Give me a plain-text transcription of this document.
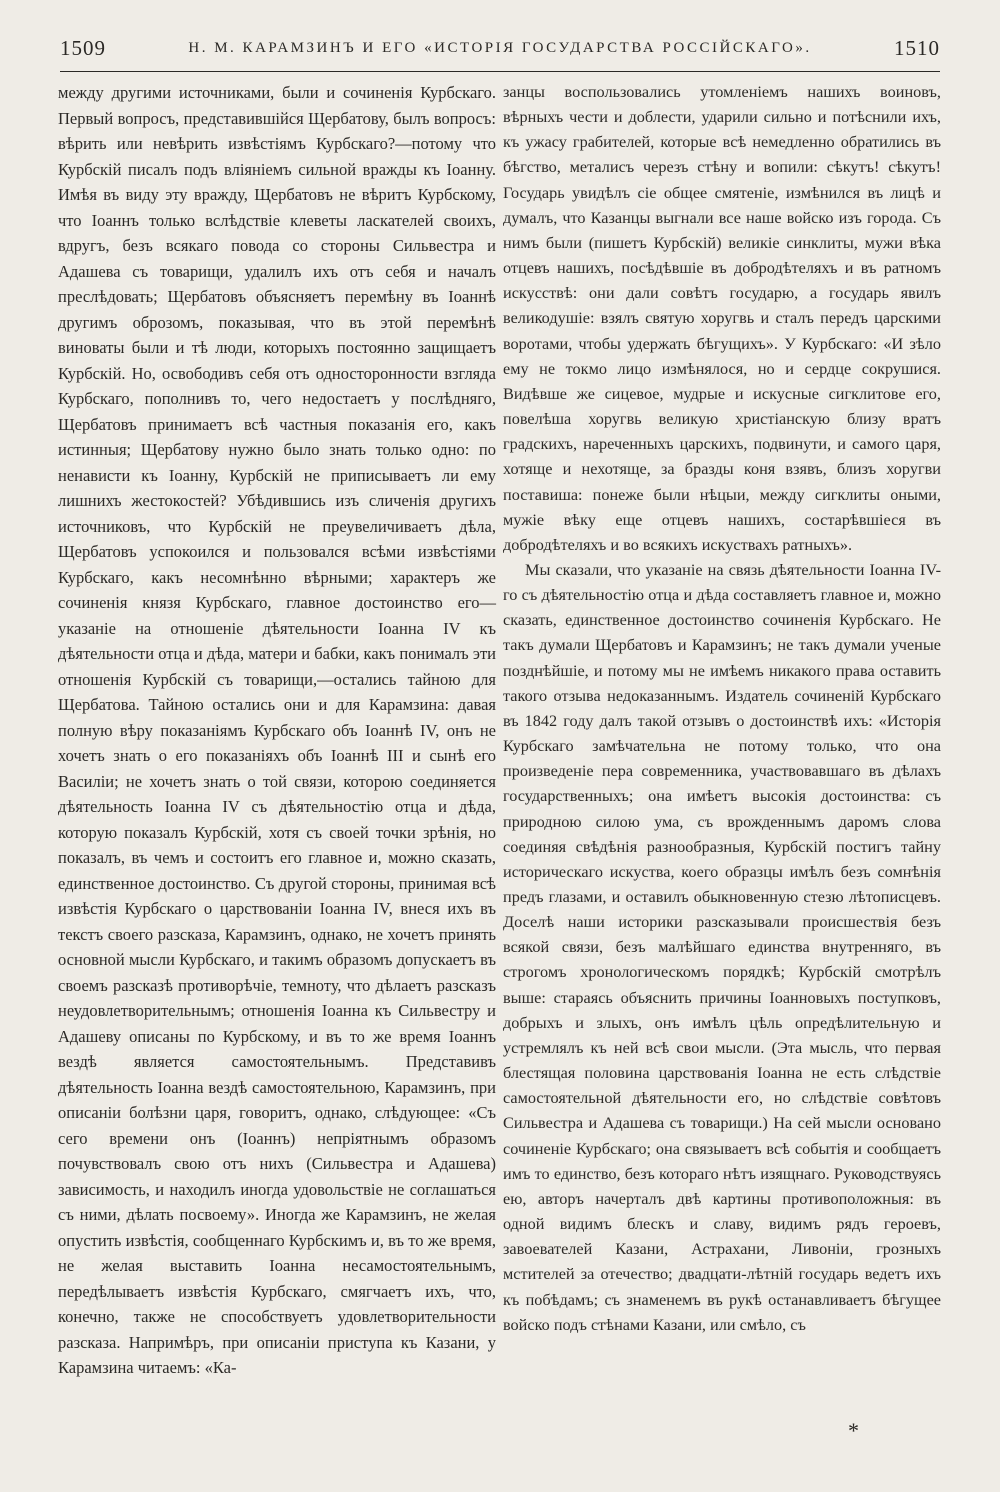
1509	Н. М. КАРАМЗИНЪ И ЕГО «ИСТОРІЯ ГОСУДАРСТВА РОССІЙСКАГО».	1510

между другими источниками, были и сочиненія Курбскаго. Первый вопросъ, представившійся Щербатову, былъ вопросъ: вѣрить или невѣрить извѣстіямъ Курбскаго?—потому что Курбскій писалъ подъ вліяніемъ сильной вражды къ Іоанну. Имѣя въ виду эту вражду, Щербатовъ не вѣритъ Курбскому, что Іоаннъ только вслѣдствіе клеветы ласкателей своихъ, вдругъ, безъ всякаго повода со стороны Сильвестра и Адашева съ товарищи, удалилъ ихъ отъ себя и началъ преслѣдовать; Щербатовъ объясняетъ перемѣну въ Іоаннѣ другимъ оброзомъ, показывая, что въ этой перемѣнѣ виноваты были и тѣ люди, которыхъ постоянно защищаетъ Курбскій. Но, освободивъ себя отъ односторонности взгляда Курбскаго, пополнивъ то, чего недостаетъ у послѣдняго, Щербатовъ принимаетъ всѣ частныя показанія его, какъ истинныя; Щербатову нужно было знать только одно: по ненависти къ Іоанну, Курбскій не приписываетъ ли ему лишнихъ жестокостей? Убѣдившись изъ сличенія другихъ источниковъ, что Курбскій не преувеличиваетъ дѣла, Щербатовъ успокоился и пользовался всѣми извѣстіями Курбскаго, какъ несомнѣнно вѣрными; характеръ же сочиненія князя Курбскаго, главное достоинство его—указаніе на отношеніе дѣятельности Іоанна IV къ дѣятельности отца и дѣда, матери и бабки, какъ понималъ эти отношенія Курбскій съ товарищи,—остались тайною для Щербатова. Тайною остались они и для Карамзина: давая полную вѣру показаніямъ Курбскаго объ Іоаннѣ IV, онъ не хочетъ знать о его показаніяхъ объ Іоаннѣ III и сынѣ его Василіи; не хочетъ знать о той связи, которою соединяется дѣятельность Іоанна IV съ дѣятельностію отца и дѣда, которую показалъ Курбскій, хотя съ своей точки зрѣнія, но показалъ, въ чемъ и состоитъ его главное и, можно сказать, единственное достоинство. Съ другой стороны, принимая всѣ извѣстія Курбскаго о царствованіи Іоанна IV, внеся ихъ въ текстъ своего разсказа, Карамзинъ, однако, не хочетъ принять основной мысли Курбскаго, и такимъ образомъ допускаетъ въ своемъ разсказѣ противорѣчіе, темноту, что дѣлаетъ разсказъ неудовлетворительнымъ; отношенія Іоанна къ Сильвестру и Адашеву описаны по Курбскому, и въ то же время Іоаннъ вездѣ является самостоятельнымъ. Представивъ дѣятельность Іоанна вездѣ самостоятельною, Карамзинъ, при описаніи болѣзни царя, говоритъ, однако, слѣдующее: «Съ сего времени онъ (Іоаннъ) непріятнымъ образомъ почувствовалъ свою отъ нихъ (Сильвестра и Адашева) зависимость, и находилъ иногда удовольствіе не соглашаться съ ними, дѣлать посвоему». Иногда же Карамзинъ, не желая опустить извѣстія, сообщеннаго Курбскимъ и, въ то же время, не желая выставить Іоанна несамостоятельнымъ, передѣлываетъ извѣстія Курбскаго, смягчаетъ ихъ, что, конечно, также не способствуетъ удовлетворительности разсказа. Напримѣръ, при описаніи приступа къ Казани, у Карамзина читаемъ: «Ка-

занцы воспользовались утомленіемъ нашихъ воиновъ, вѣрныхъ чести и доблести, ударили сильно и потѣснили ихъ, къ ужасу грабителей, которые всѣ немедленно обратились въ бѣгство, металисъ черезъ стѣну и вопили: сѣкутъ! сѣкутъ! Государь увидѣлъ сіе общее смятеніе, измѣнился въ лицѣ и думалъ, что Казанцы выгнали все наше войско изъ города. Съ нимъ были (пишетъ Курбскій) великіе синклиты, мужи вѣка отцевъ нашихъ, посѣдѣвшіе въ добродѣтеляхъ и въ ратномъ искусствѣ: они дали совѣтъ государю, а государь явилъ великодушіе: взялъ святую хоругвь и сталъ передъ царскими воротами, чтобы удержать бѣгущихъ». У Курбскаго: «И зѣло ему не токмо лицо измѣнялося, но и сердце сокрушися. Видѣвше же сицевое, мудрые и искусные сигклитове его, повелѣша хоругвь великую христіанскую близу вратъ градскихъ, нареченныхъ царскихъ, подвинути, и самого царя, хотяще и нехотяще, за бразды коня взявъ, близъ хоругви поставиша: понеже были нѣцыи, между сигклиты оными, мужіе вѣку еще отцевъ нашихъ, состарѣвшіеся въ добродѣтеляхъ и во всякихъ искуствахъ ратныхъ».

Мы сказали, что указаніе на связь дѣятельности Іоанна IV-го съ дѣятельностію отца и дѣда составляетъ главное и, можно сказать, единственное достоинство сочиненія Курбскаго. Не такъ думали Щербатовъ и Карамзинъ; не такъ думали ученые позднѣйшіе, и потому мы не имѣемъ никакого права оставить такого отзыва недоказаннымъ. Издатель сочиненій Курбскаго въ 1842 году далъ такой отзывъ о достоинствѣ ихъ: «Исторія Курбскаго замѣчательна не потому только, что она произведеніе пера современника, участвовавшаго въ дѣлахъ государственныхъ; она имѣетъ высокія достоинства: съ природною силою ума, съ врожденнымъ даромъ слова соединяя свѣдѣнія разнообразныя, Курбскій постигъ тайну историческаго искуства, коего образцы имѣлъ безъ сомнѣнія предъ глазами, и оставилъ обыкновенную стезю лѣтописцевъ. Доселѣ наши историки разсказывали происшествія безъ всякой связи, безъ малѣйшаго единства внутренняго, въ строгомъ хронологическомъ порядкѣ; Курбскій смотрѣлъ выше: стараясь объяснить причины Іоанновыхъ поступковъ, добрыхъ и злыхъ, онъ имѣлъ цѣль опредѣлительную и устремлялъ къ ней всѣ свои мысли. (Эта мысль, что первая блестящая половина царствованія Іоанна не есть слѣдствіе самостоятельной дѣятельности его, но слѣдствіе совѣтовъ Сильвестра и Адашева съ товарищи.) На сей мысли основано сочиненіе Курбскаго; она связываетъ всѣ событія и сообщаетъ имъ то единство, безъ котораго нѣтъ изящнаго. Руководствуясь ею, авторъ начерталъ двѣ картины противоположныя: въ одной видимъ блескъ и славу, видимъ рядъ героевъ, завоевателей Казани, Астрахани, Ливоніи, грозныхъ мстителей за отечество; двадцати-лѣтній государь ведетъ ихъ къ побѣдамъ; съ знаменемъ въ рукѣ останавливаетъ бѣгущее войско подъ стѣнами Казани, или смѣло, съ

*
